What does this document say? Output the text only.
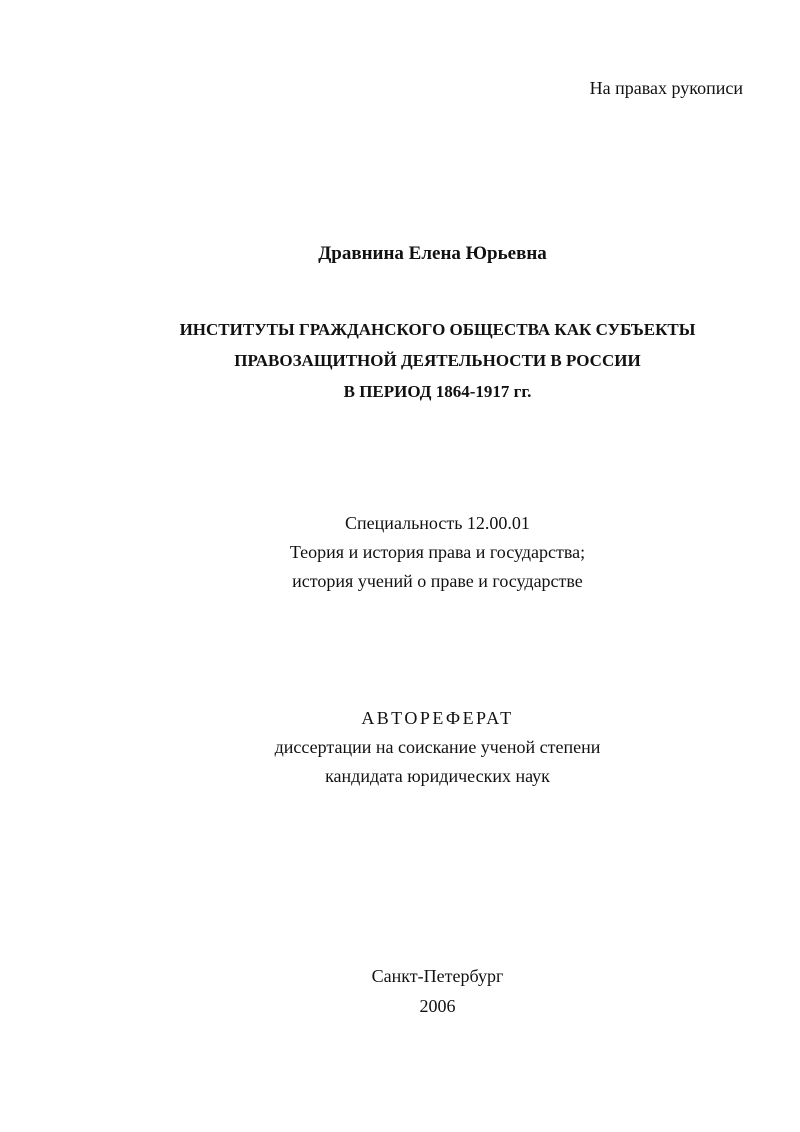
На правах рукописи
Дравнина Елена Юрьевна
ИНСТИТУТЫ ГРАЖДАНСКОГО ОБЩЕСТВА КАК СУБЪЕКТЫ
ПРАВОЗАЩИТНОЙ ДЕЯТЕЛЬНОСТИ В РОССИИ
В ПЕРИОД 1864-1917 гг.
Специальность 12.00.01
Теория и история права и государства;
история учений о праве и государстве
АВТОРЕФЕРАТ
диссертации на соискание ученой степени
кандидата юридических наук
Санкт-Петербург
2006
